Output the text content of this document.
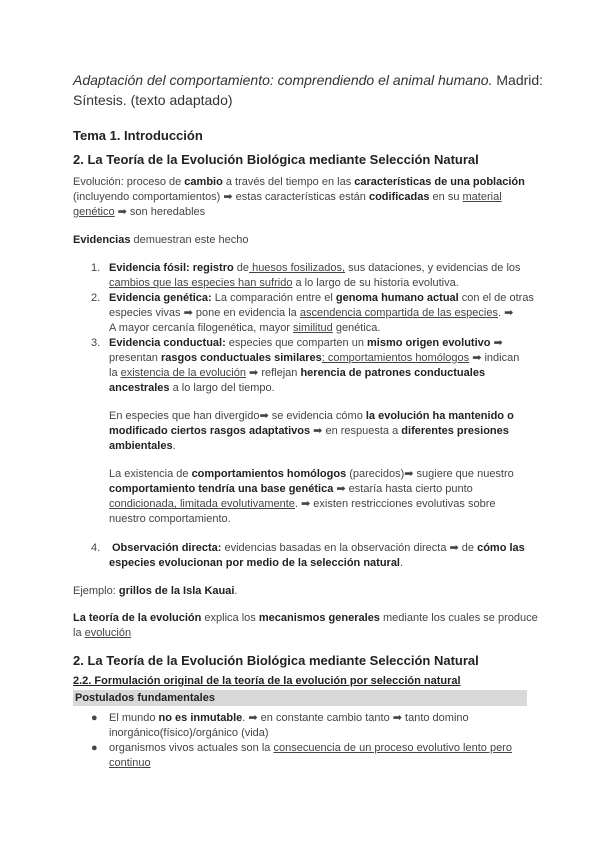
Adaptación del comportamiento: comprendiendo el animal humano. Madrid:
Síntesis. (texto adaptado)
Tema 1. Introducción
2. La Teoría de la Evolución Biológica mediante Selección Natural
Evolución: proceso de cambio a través del tiempo en las características de una población
(incluyendo comportamientos) ➡ estas características están codificadas en su material
genético ➡ son heredables
Evidencias demuestran este hecho
1. Evidencia fósil: registro de huesos fosilizados, sus dataciones, y evidencias de los
cambios que las especies han sufrido a lo largo de su historia evolutiva.
2. Evidencia genética: La comparación entre el genoma humano actual con el de otras
especies vivas ➡ pone en evidencia la ascendencia compartida de las especies. ➡
A mayor cercanía filogenética, mayor similitud genética.
3. Evidencia conductual: especies que comparten un mismo origen evolutivo ➡
presentan rasgos conductuales similares: comportamientos homólogos ➡ indican
la existencia de la evolución ➡ reflejan herencia de patrones conductuales
ancestrales a lo largo del tiempo.
En especies que han divergido➡ se evidencia cómo la evolución ha mantenido o
modificado ciertos rasgos adaptativos ➡ en respuesta a diferentes presiones
ambientales.
La existencia de comportamientos homólogos (parecidos)➡ sugiere que nuestro
comportamiento tendría una base genética ➡ estaría hasta cierto punto
condicionada, limitada evolutivamente. ➡ existen restricciones evolutivas sobre
nuestro comportamiento.
4. Observación directa: evidencias basadas en la observación directa ➡ de cómo las
especies evolucionan por medio de la selección natural.
Ejemplo: grillos de la Isla Kauai.
La teoría de la evolución explica los mecanismos generales mediante los cuales se produce
la evolución
2. La Teoría de la Evolución Biológica mediante Selección Natural
2.2. Formulación original de la teoría de la evolución por selección natural
Postulados fundamentales
● El mundo no es inmutable. ➡ en constante cambio tanto ➡ tanto domino
inorgánico(físico)/orgánico (vida)
● organismos vivos actuales son la consecuencia de un proceso evolutivo lento pero
continuo
